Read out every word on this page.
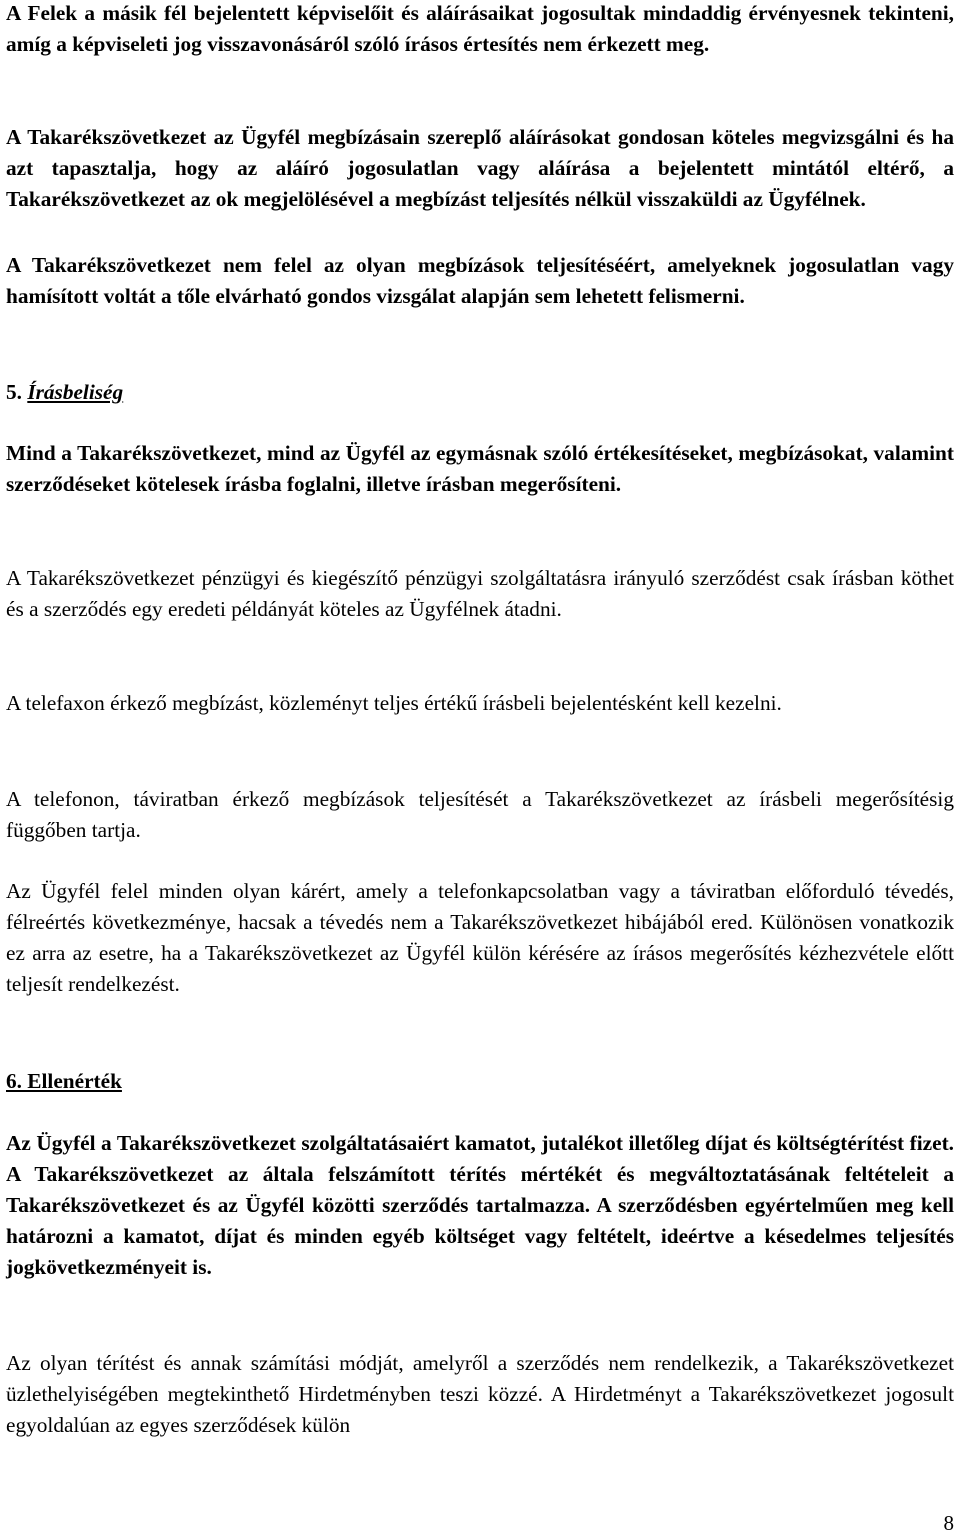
A Felek a másik fél bejelentett képviselőit és aláírásaikat jogosultak mindaddig érvényesnek tekinteni, amíg a képviseleti jog visszavonásáról szóló írásos értesítés nem érkezett meg.

A Takarékszövetkezet az Ügyfél megbízásain szereplő aláírásokat gondosan köteles megvizsgálni és ha azt tapasztalja, hogy az aláíró jogosulatlan vagy aláírása a bejelentett mintától eltérő, a Takarékszövetkezet az ok megjelölésével a megbízást teljesítés nélkül visszaküldi az Ügyfélnek.

A Takarékszövetkezet nem felel az olyan megbízások teljesítéséért, amelyeknek jogosulatlan vagy hamísított voltát a tőle elvárható gondos vizsgálat alapján sem lehetett felismerni.

5. Írásbeliség

Mind a Takarékszövetkezet, mind az Ügyfél az egymásnak szóló értékesítéseket, megbízásokat, valamint szerződéseket kötelesek írásba foglalni, illetve írásban megerősíteni.

A Takarékszövetkezet pénzügyi és kiegészítő pénzügyi szolgáltatásra irányuló szerződést csak írásban köthet és a szerződés egy eredeti példányát köteles az Ügyfélnek átadni.

A telefaxon érkező megbízást, közleményt teljes értékű írásbeli bejelentésként kell kezelni.

A telefonon, táviratban érkező megbízások teljesítését a Takarékszövetkezet az írásbeli megerősítésig függőben tartja.

Az Ügyfél felel minden olyan kárért, amely a telefonkapcsolatban vagy a táviratban előforduló tévedés, félreértés következménye, hacsak a tévedés nem a Takarékszövetkezet hibájából ered. Különösen vonatkozik ez arra az esetre, ha a Takarékszövetkezet az Ügyfél külön kérésére az írásos megerősítés kézhezvétele előtt teljesít rendelkezést.

6. Ellenérték

Az Ügyfél a Takarékszövetkezet szolgáltatásaiért kamatot, jutalékot illetőleg díjat és költségtérítést fizet. A Takarékszövetkezet az általa felszámított térítés mértékét és megváltoztatásának feltételeit a Takarékszövetkezet és az Ügyfél közötti szerződés tartalmazza. A szerződésben egyértelműen meg kell határozni a kamatot, díjat és minden egyéb költséget vagy feltételt, ideértve a késedelmes teljesítés jogkövetkezményeit is.

Az olyan térítést és annak számítási módját, amelyről a szerződés nem rendelkezik, a Takarékszövetkezet üzlethelyiségében megtekinthető Hirdetményben teszi közzé. A Hirdetményt a Takarékszövetkezet jogosult egyoldalúan az egyes szerződések külön

8
